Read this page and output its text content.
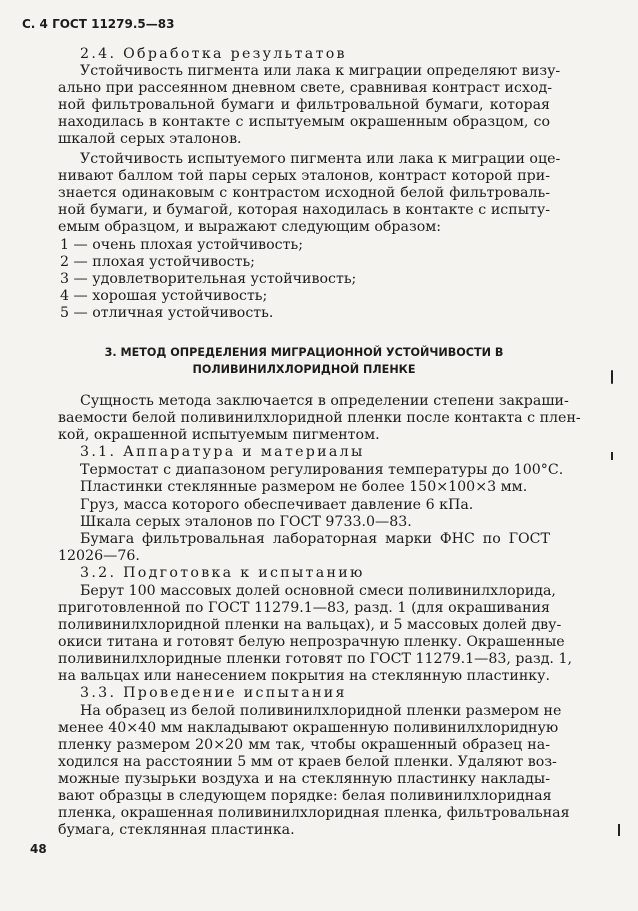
С. 4 ГОСТ 11279.5—83
2.4. Обработка результатов
Устойчивость пигмента или лака к миграции определяют визу-
ально при рассеянном дневном свете, сравнивая контраст исход-
ной фильтровальной бумаги и фильтровальной бумаги, которая
находилась в контакте с испытуемым окрашенным образцом, со
шкалой серых эталонов.
Устойчивость испытуемого пигмента или лака к миграции оце-
нивают баллом той пары серых эталонов, контраст которой при-
знается одинаковым с контрастом исходной белой фильтроваль-
ной бумаги, и бумагой, которая находилась в контакте с испыту-
емым образцом, и выражают следующим образом:
1 — очень плохая устойчивость;
2 — плохая устойчивость;
3 — удовлетворительная устойчивость;
4 — хорошая устойчивость;
5 — отличная устойчивость.
3. МЕТОД ОПРЕДЕЛЕНИЯ МИГРАЦИОННОЙ УСТОЙЧИВОСТИ В
ПОЛИВИНИЛХЛОРИДНОЙ ПЛЕНКЕ
Сущность метода заключается в определении степени закраши-
ваемости белой поливинилхлоридной пленки после контакта с плен-
кой, окрашенной испытуемым пигментом.
3.1. Аппаратура и материалы
Термостат с диапазоном регулирования температуры до 100°С.
Пластинки стеклянные размером не более 150×100×3 мм.
Груз, масса которого обеспечивает давление 6 кПа.
Шкала серых эталонов по ГОСТ 9733.0—83.
Бумага фильтровальная лабораторная марки ФНС по ГОСТ
12026—76.
3.2. Подготовка к испытанию
Берут 100 массовых долей основной смеси поливинилхлорида,
приготовленной по ГОСТ 11279.1—83, разд. 1 (для окрашивания
поливинилхлоридной пленки на вальцах), и 5 массовых долей дву-
окиси титана и готовят белую непрозрачную пленку. Окрашенные
поливинилхлоридные пленки готовят по ГОСТ 11279.1—83, разд. 1,
на вальцах или нанесением покрытия на стеклянную пластинку.
3.3. Проведение испытания
На образец из белой поливинилхлоридной пленки размером не
менее 40×40 мм накладывают окрашенную поливинилхлоридную
пленку размером 20×20 мм так, чтобы окрашенный образец на-
ходился на расстоянии 5 мм от краев белой пленки. Удаляют воз-
можные пузырьки воздуха и на стеклянную пластинку наклады-
вают образцы в следующем порядке: белая поливинилхлоридная
пленка, окрашенная поливинилхлоридная пленка, фильтровальная
бумага, стеклянная пластинка.
48
